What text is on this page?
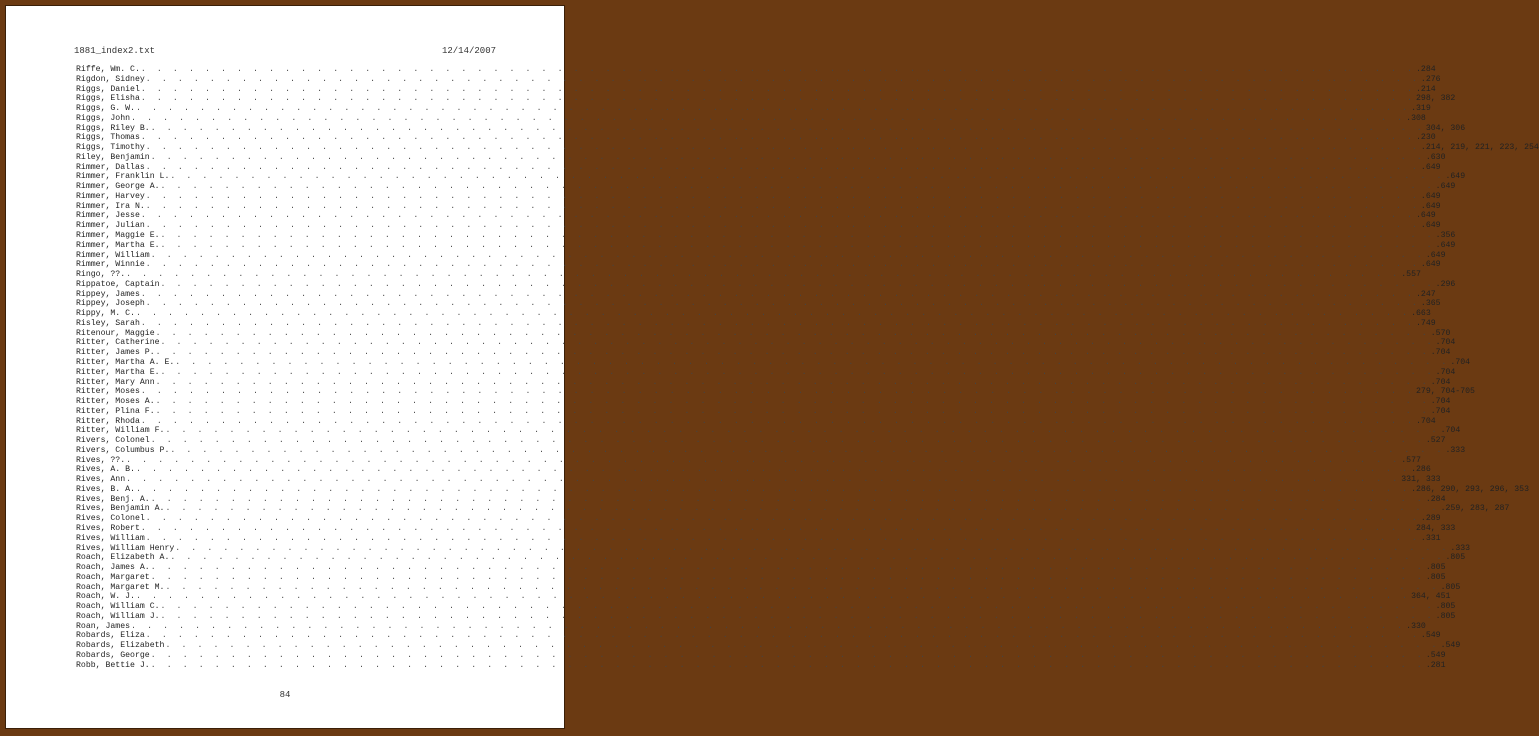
1881_index2.txt	12/14/2007
Riffe, Wm. C. . . . . . . . . . . . . . . . . . . . . . . . . . . . . . . . . . . . . . . . . . . . . . . . . . . . . . . . . . . . . . . . . . . . . . . . . . . . . . . . . .284
Rigdon, Sidney . . . . . . . . . . . . . . . . . . . . . . . . . . . . . . . . . . . . . . . . . . . . . . . . . . . . . . . . . . . . . . . . . . . . . . . . . . . . . . . . .276
Riggs, Daniel . . . . . . . . . . . . . . . . . . . . . . . . . . . . . . . . . . . . . . . . . . . . . . . . . . . . . . . . . . . . . . . . . . . . . . . . . . . . . . . . .214
Riggs, Elisha . . . . . . . . . . . . . . . . . . . . . . . . . . . . . . . . . . . . . . . . . . . . . . . . . . . . . . . . . . . . . . . . . . . . . . . . . . . . . . . . 298, 382
Riggs, G. W. . . . . . . . . . . . . . . . . . . . . . . . . . . . . . . . . . . . . . . . . . . . . . . . . . . . . . . . . . . . . . . . . . . . . . . . . . . . . . . . . .319
Riggs, John . . . . . . . . . . . . . . . . . . . . . . . . . . . . . . . . . . . . . . . . . . . . . . . . . . . . . . . . . . . . . . . . . . . . . . . . . . . . . . . . .308
Riggs, Riley B. . . . . . . . . . . . . . . . . . . . . . . . . . . . . . . . . . . . . . . . . . . . . . . . . . . . . . . . . . . . . . . . . . . . . . . . . . . . . . . . . 304, 306
Riggs, Thomas . . . . . . . . . . . . . . . . . . . . . . . . . . . . . . . . . . . . . . . . . . . . . . . . . . . . . . . . . . . . . . . . . . . . . . . . . . . . . . . . .230
Riggs, Timothy . . . . . . . . . . . . . . . . . . . . . . . . . . . . . . . . . . . . . . . . . . . . . . . . . . . . . . . . . . . . . . . . . . . . . . . . . . . . . . . . .214, 219, 221, 223, 254
Riley, Benjamin . . . . . . . . . . . . . . . . . . . . . . . . . . . . . . . . . . . . . . . . . . . . . . . . . . . . . . . . . . . . . . . . . . . . . . . . . . . . . . . . .630
Rimmer, Dallas . . . . . . . . . . . . . . . . . . . . . . . . . . . . . . . . . . . . . . . . . . . . . . . . . . . . . . . . . . . . . . . . . . . . . . . . . . . . . . . . .649
Rimmer, Franklin L. . . . . . . . . . . . . . . . . . . . . . . . . . . . . . . . . . . . . . . . . . . . . . . . . . . . . . . . . . . . . . . . . . . . . . . . . . . . . . . . . .649
Rimmer, George A. . . . . . . . . . . . . . . . . . . . . . . . . . . . . . . . . . . . . . . . . . . . . . . . . . . . . . . . . . . . . . . . . . . . . . . . . . . . . . . . . .649
Rimmer, Harvey . . . . . . . . . . . . . . . . . . . . . . . . . . . . . . . . . . . . . . . . . . . . . . . . . . . . . . . . . . . . . . . . . . . . . . . . . . . . . . . . .649
Rimmer, Ira N. . . . . . . . . . . . . . . . . . . . . . . . . . . . . . . . . . . . . . . . . . . . . . . . . . . . . . . . . . . . . . . . . . . . . . . . . . . . . . . . . .649
Rimmer, Jesse . . . . . . . . . . . . . . . . . . . . . . . . . . . . . . . . . . . . . . . . . . . . . . . . . . . . . . . . . . . . . . . . . . . . . . . . . . . . . . . . .649
Rimmer, Julian . . . . . . . . . . . . . . . . . . . . . . . . . . . . . . . . . . . . . . . . . . . . . . . . . . . . . . . . . . . . . . . . . . . . . . . . . . . . . . . . .649
Rimmer, Maggie E. . . . . . . . . . . . . . . . . . . . . . . . . . . . . . . . . . . . . . . . . . . . . . . . . . . . . . . . . . . . . . . . . . . . . . . . . . . . . . . . . .356
Rimmer, Martha E. . . . . . . . . . . . . . . . . . . . . . . . . . . . . . . . . . . . . . . . . . . . . . . . . . . . . . . . . . . . . . . . . . . . . . . . . . . . . . . . . .649
Rimmer, William . . . . . . . . . . . . . . . . . . . . . . . . . . . . . . . . . . . . . . . . . . . . . . . . . . . . . . . . . . . . . . . . . . . . . . . . . . . . . . . . .649
Rimmer, Winnie . . . . . . . . . . . . . . . . . . . . . . . . . . . . . . . . . . . . . . . . . . . . . . . . . . . . . . . . . . . . . . . . . . . . . . . . . . . . . . . . .649
Ringo, ??. . . . . . . . . . . . . . . . . . . . . . . . . . . . . . . . . . . . . . . . . . . . . . . . . . . . . . . . . . . . . . . . . . . . . . . . . . . . . . . . . .557
Rippatoe, Captain . . . . . . . . . . . . . . . . . . . . . . . . . . . . . . . . . . . . . . . . . . . . . . . . . . . . . . . . . . . . . . . . . . . . . . . . . . . . . . . . .296
Rippey, James . . . . . . . . . . . . . . . . . . . . . . . . . . . . . . . . . . . . . . . . . . . . . . . . . . . . . . . . . . . . . . . . . . . . . . . . . . . . . . . . .247
Rippey, Joseph . . . . . . . . . . . . . . . . . . . . . . . . . . . . . . . . . . . . . . . . . . . . . . . . . . . . . . . . . . . . . . . . . . . . . . . . . . . . . . . . .365
Rippy, M. C. . . . . . . . . . . . . . . . . . . . . . . . . . . . . . . . . . . . . . . . . . . . . . . . . . . . . . . . . . . . . . . . . . . . . . . . . . . . . . . . . .663
Risley, Sarah . . . . . . . . . . . . . . . . . . . . . . . . . . . . . . . . . . . . . . . . . . . . . . . . . . . . . . . . . . . . . . . . . . . . . . . . . . . . . . . . .749
Ritenour, Maggie . . . . . . . . . . . . . . . . . . . . . . . . . . . . . . . . . . . . . . . . . . . . . . . . . . . . . . . . . . . . . . . . . . . . . . . . . . . . . . . . .570
Ritter, Catherine . . . . . . . . . . . . . . . . . . . . . . . . . . . . . . . . . . . . . . . . . . . . . . . . . . . . . . . . . . . . . . . . . . . . . . . . . . . . . . . . .704
Ritter, James P. . . . . . . . . . . . . . . . . . . . . . . . . . . . . . . . . . . . . . . . . . . . . . . . . . . . . . . . . . . . . . . . . . . . . . . . . . . . . . . . . .704
Ritter, Martha A. E. . . . . . . . . . . . . . . . . . . . . . . . . . . . . . . . . . . . . . . . . . . . . . . . . . . . . . . . . . . . . . . . . . . . . . . . . . . . . . . . . .704
Ritter, Martha E. . . . . . . . . . . . . . . . . . . . . . . . . . . . . . . . . . . . . . . . . . . . . . . . . . . . . . . . . . . . . . . . . . . . . . . . . . . . . . . . . .704
Ritter, Mary Ann . . . . . . . . . . . . . . . . . . . . . . . . . . . . . . . . . . . . . . . . . . . . . . . . . . . . . . . . . . . . . . . . . . . . . . . . . . . . . . . . .704
Ritter, Moses . . . . . . . . . . . . . . . . . . . . . . . . . . . . . . . . . . . . . . . . . . . . . . . . . . . . . . . . . . . . . . . . . . . . . . . . . . . . . . . . 279, 704-705
Ritter, Moses A. . . . . . . . . . . . . . . . . . . . . . . . . . . . . . . . . . . . . . . . . . . . . . . . . . . . . . . . . . . . . . . . . . . . . . . . . . . . . . . . . .704
Ritter, Plina F. . . . . . . . . . . . . . . . . . . . . . . . . . . . . . . . . . . . . . . . . . . . . . . . . . . . . . . . . . . . . . . . . . . . . . . . . . . . . . . . . .704
Ritter, Rhoda . . . . . . . . . . . . . . . . . . . . . . . . . . . . . . . . . . . . . . . . . . . . . . . . . . . . . . . . . . . . . . . . . . . . . . . . . . . . . . . . .704
Ritter, William F. . . . . . . . . . . . . . . . . . . . . . . . . . . . . . . . . . . . . . . . . . . . . . . . . . . . . . . . . . . . . . . . . . . . . . . . . . . . . . . . . .704
Rivers, Colonel . . . . . . . . . . . . . . . . . . . . . . . . . . . . . . . . . . . . . . . . . . . . . . . . . . . . . . . . . . . . . . . . . . . . . . . . . . . . . . . . .527
Rivers, Columbus P. . . . . . . . . . . . . . . . . . . . . . . . . . . . . . . . . . . . . . . . . . . . . . . . . . . . . . . . . . . . . . . . . . . . . . . . . . . . . . . . . .333
Rives, ??. . . . . . . . . . . . . . . . . . . . . . . . . . . . . . . . . . . . . . . . . . . . . . . . . . . . . . . . . . . . . . . . . . . . . . . . . . . . . . . . . .577
Rives, A. B. . . . . . . . . . . . . . . . . . . . . . . . . . . . . . . . . . . . . . . . . . . . . . . . . . . . . . . . . . . . . . . . . . . . . . . . . . . . . . . . . .286
Rives, Ann . . . . . . . . . . . . . . . . . . . . . . . . . . . . . . . . . . . . . . . . . . . . . . . . . . . . . . . . . . . . . . . . . . . . . . . . . . . . . . . . 331, 333
Rives, B. A. . . . . . . . . . . . . . . . . . . . . . . . . . . . . . . . . . . . . . . . . . . . . . . . . . . . . . . . . . . . . . . . . . . . . . . . . . . . . . . . . .286, 290, 293, 296, 353
Rives, Benj. A. . . . . . . . . . . . . . . . . . . . . . . . . . . . . . . . . . . . . . . . . . . . . . . . . . . . . . . . . . . . . . . . . . . . . . . . . . . . . . . . . .284
Rives, Benjamin A. . . . . . . . . . . . . . . . . . . . . . . . . . . . . . . . . . . . . . . . . . . . . . . . . . . . . . . . . . . . . . . . . . . . . . . . . . . . . . . . . .259, 283, 287
Rives, Colonel . . . . . . . . . . . . . . . . . . . . . . . . . . . . . . . . . . . . . . . . . . . . . . . . . . . . . . . . . . . . . . . . . . . . . . . . . . . . . . . . .289
Rives, Robert . . . . . . . . . . . . . . . . . . . . . . . . . . . . . . . . . . . . . . . . . . . . . . . . . . . . . . . . . . . . . . . . . . . . . . . . . . . . . . . . 284, 333
Rives, William . . . . . . . . . . . . . . . . . . . . . . . . . . . . . . . . . . . . . . . . . . . . . . . . . . . . . . . . . . . . . . . . . . . . . . . . . . . . . . . . .331
Rives, William Henry . . . . . . . . . . . . . . . . . . . . . . . . . . . . . . . . . . . . . . . . . . . . . . . . . . . . . . . . . . . . . . . . . . . . . . . . . . . . . . . . .333
Roach, Elizabeth A. . . . . . . . . . . . . . . . . . . . . . . . . . . . . . . . . . . . . . . . . . . . . . . . . . . . . . . . . . . . . . . . . . . . . . . . . . . . . . . . . .805
Roach, James A. . . . . . . . . . . . . . . . . . . . . . . . . . . . . . . . . . . . . . . . . . . . . . . . . . . . . . . . . . . . . . . . . . . . . . . . . . . . . . . . . .805
Roach, Margaret . . . . . . . . . . . . . . . . . . . . . . . . . . . . . . . . . . . . . . . . . . . . . . . . . . . . . . . . . . . . . . . . . . . . . . . . . . . . . . . . .805
Roach, Margaret M. . . . . . . . . . . . . . . . . . . . . . . . . . . . . . . . . . . . . . . . . . . . . . . . . . . . . . . . . . . . . . . . . . . . . . . . . . . . . . . . . .805
Roach, W. J. . . . . . . . . . . . . . . . . . . . . . . . . . . . . . . . . . . . . . . . . . . . . . . . . . . . . . . . . . . . . . . . . . . . . . . . . . . . . . . . . 364, 451
Roach, William C. . . . . . . . . . . . . . . . . . . . . . . . . . . . . . . . . . . . . . . . . . . . . . . . . . . . . . . . . . . . . . . . . . . . . . . . . . . . . . . . . .805
Roach, William J. . . . . . . . . . . . . . . . . . . . . . . . . . . . . . . . . . . . . . . . . . . . . . . . . . . . . . . . . . . . . . . . . . . . . . . . . . . . . . . . . .805
Roan, James . . . . . . . . . . . . . . . . . . . . . . . . . . . . . . . . . . . . . . . . . . . . . . . . . . . . . . . . . . . . . . . . . . . . . . . . . . . . . . . . .330
Robards, Eliza . . . . . . . . . . . . . . . . . . . . . . . . . . . . . . . . . . . . . . . . . . . . . . . . . . . . . . . . . . . . . . . . . . . . . . . . . . . . . . . . .549
Robards, Elizabeth . . . . . . . . . . . . . . . . . . . . . . . . . . . . . . . . . . . . . . . . . . . . . . . . . . . . . . . . . . . . . . . . . . . . . . . . . . . . . . . . .549
Robards, George . . . . . . . . . . . . . . . . . . . . . . . . . . . . . . . . . . . . . . . . . . . . . . . . . . . . . . . . . . . . . . . . . . . . . . . . . . . . . . . . .549
Robb, Bettie J. . . . . . . . . . . . . . . . . . . . . . . . . . . . . . . . . . . . . . . . . . . . . . . . . . . . . . . . . . . . . . . . . . . . . . . . . . . . . . . . . .281
84
